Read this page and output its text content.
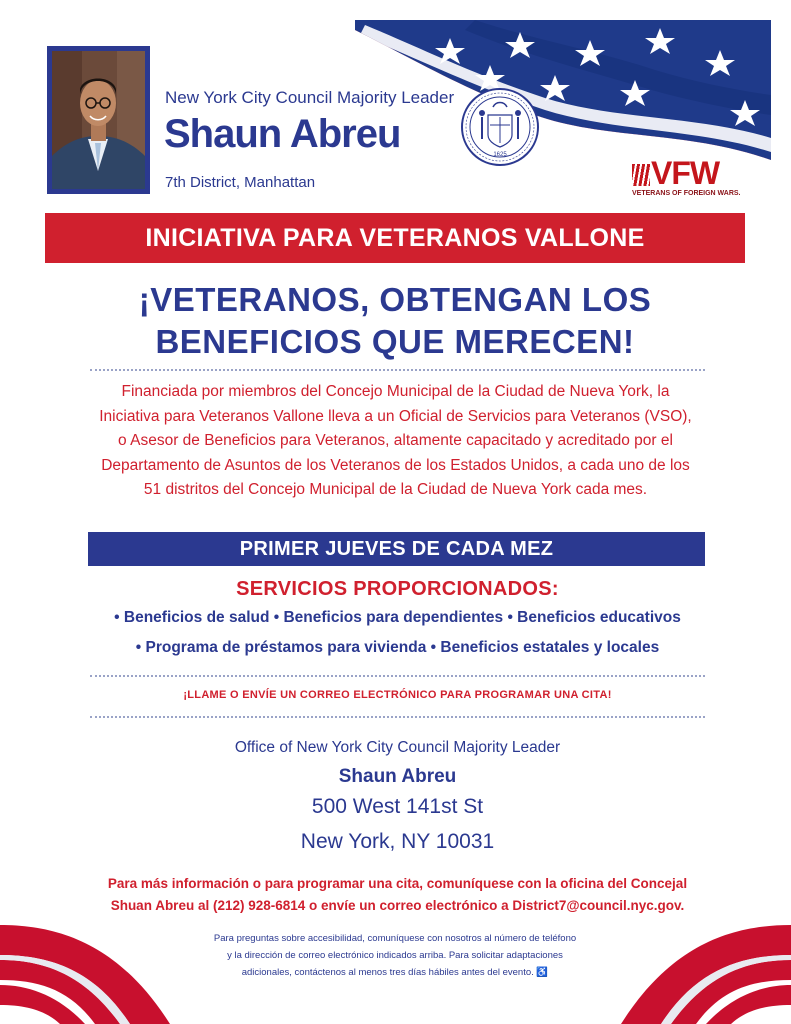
New York City Council Majority Leader
Shaun Abreu
7th District, Manhattan
1625	VFW
VETERANS OF FOREIGN WARS.
INICIATIVA PARA VETERANOS VALLONE
¡VETERANOS, OBTENGAN LOS
BENEFICIOS QUE MERECEN!
Financiada por miembros del Concejo Municipal de la Ciudad de Nueva York, la
Iniciativa para Veteranos Vallone lleva a un Oficial de Servicios para Veteranos (VSO),
o Asesor de Beneficios para Veteranos, altamente capacitado y acreditado por el
Departamento de Asuntos de los Veteranos de los Estados Unidos, a cada uno de los
51 distritos del Concejo Municipal de la Ciudad de Nueva York cada mes.
PRIMER JUEVES DE CADA MEZ
SERVICIOS PROPORCIONADOS:
• Beneficios de salud • Beneficios para dependientes • Beneficios educativos
• Programa de préstamos para vivienda • Beneficios estatales y locales
¡LLAME O ENVÍE UN CORREO ELECTRÓNICO PARA PROGRAMAR UNA CITA!
Office of New York City Council Majority Leader
Shaun Abreu
500 West 141st St
New York, NY 10031
Para más información o para programar una cita, comuníquese con la oficina del Concejal
Shuan Abreu al (212) 928-6814 o envíe un correo electrónico a District7@council.nyc.gov.
Para preguntas sobre accesibilidad, comuníquese con nosotros al número de teléfono
y la dirección de correo electrónico indicados arriba. Para solicitar adaptaciones
adicionales, contáctenos al menos tres días hábiles antes del evento. ♿
